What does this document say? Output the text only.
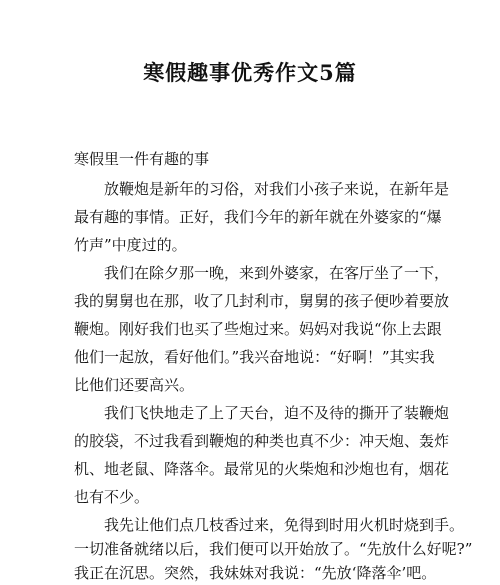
寒假趣事优秀作文5篇
寒假里一件有趣的事
放鞭炮是新年的习俗，对我们小孩子来说，在新年是
最有趣的事情。正好，我们今年的新年就在外婆家的“爆
竹声”中度过的。
我们在除夕那一晚，来到外婆家，在客厅坐了一下，
我的舅舅也在那，收了几封利市，舅舅的孩子便吵着要放
鞭炮。刚好我们也买了些炮过来。妈妈对我说“你上去跟
他们一起放，看好他们。”我兴奋地说：“好啊！”其实我
比他们还要高兴。
我们飞快地走了上了天台，迫不及待的撕开了装鞭炮
的胶袋，不过我看到鞭炮的种类也真不少：冲天炮、轰炸
机、地老鼠、降落伞。最常见的火柴炮和沙炮也有，烟花
也有不少。
我先让他们点几枝香过来，免得到时用火机时烧到手。
一切准备就绪以后，我们便可以开始放了。“先放什么好呢?”
我正在沉思。突然，我妹妹对我说：“先放‘降落伞’吧。
